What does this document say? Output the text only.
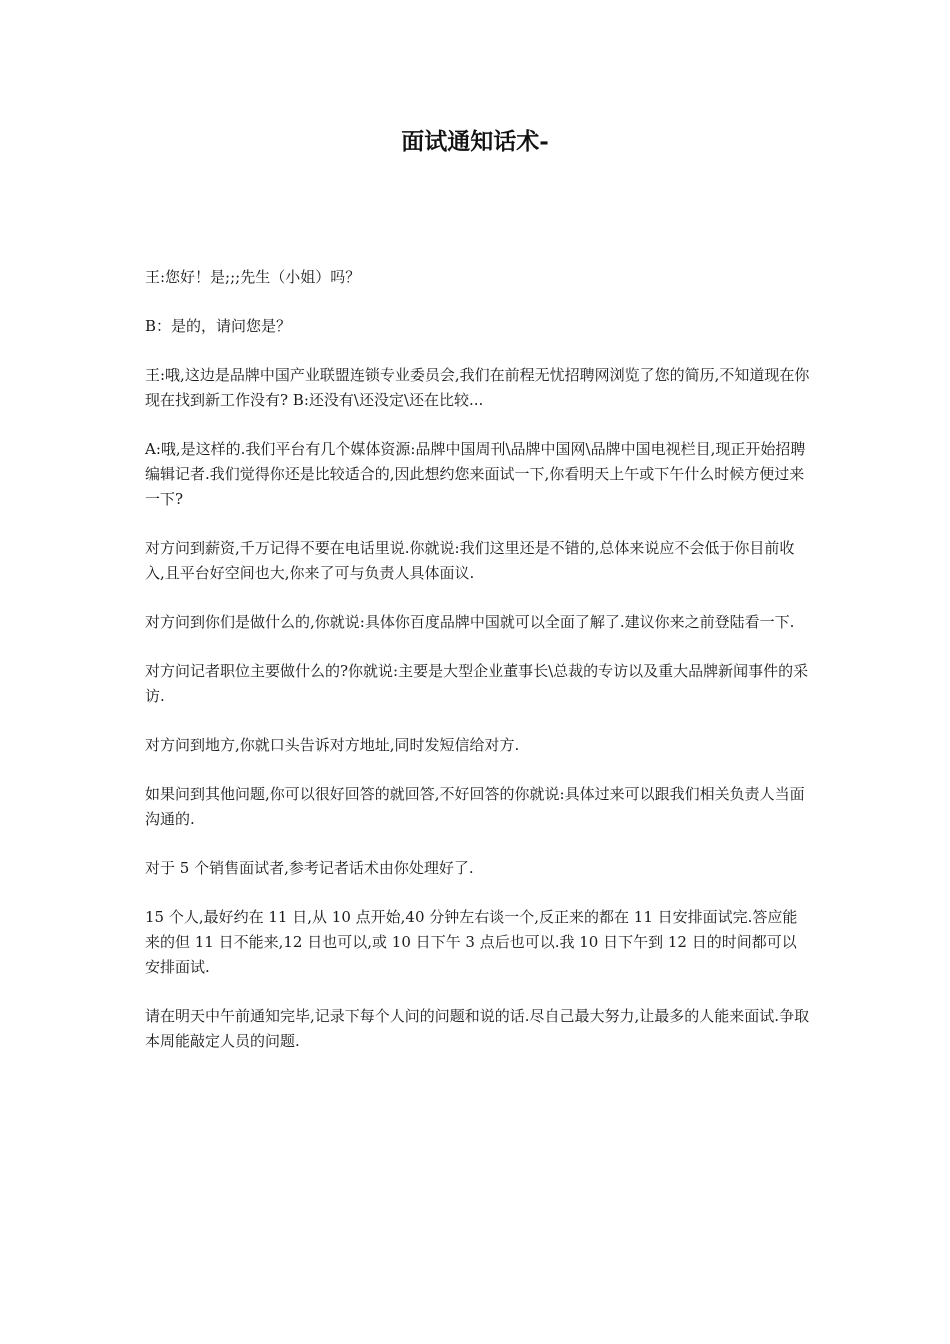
面试通知话术-

王:您好！是;;;先生（小姐）吗？

B：是的，请问您是？

王:哦,这边是品牌中国产业联盟连锁专业委员会,我们在前程无忧招聘网浏览了您的简历,不知道现在你现在找到新工作没有? B:还没有\还没定\还在比较...

A:哦,是这样的.我们平台有几个媒体资源:品牌中国周刊\品牌中国网\品牌中国电视栏目,现正开始招聘编辑记者.我们觉得你还是比较适合的,因此想约您来面试一下,你看明天上午或下午什么时候方便过来一下?

对方问到薪资,千万记得不要在电话里说.你就说:我们这里还是不错的,总体来说应不会低于你目前收入,且平台好空间也大,你来了可与负责人具体面议.

对方问到你们是做什么的,你就说:具体你百度品牌中国就可以全面了解了.建议你来之前登陆看一下.

对方问记者职位主要做什么的?你就说:主要是大型企业董事长\总裁的专访以及重大品牌新闻事件的采访.

对方问到地方,你就口头告诉对方地址,同时发短信给对方.

如果问到其他问题,你可以很好回答的就回答,不好回答的你就说:具体过来可以跟我们相关负责人当面沟通的.

对于 5 个销售面试者,参考记者话术由你处理好了.

15 个人,最好约在 11 日,从 10 点开始,40 分钟左右谈一个,反正来的都在 11 日安排面试完.答应能来的但 11 日不能来,12 日也可以,或 10 日下午 3 点后也可以.我 10 日下午到 12 日的时间都可以安排面试.

请在明天中午前通知完毕,记录下每个人问的问题和说的话.尽自己最大努力,让最多的人能来面试.争取本周能敲定人员的问题.
